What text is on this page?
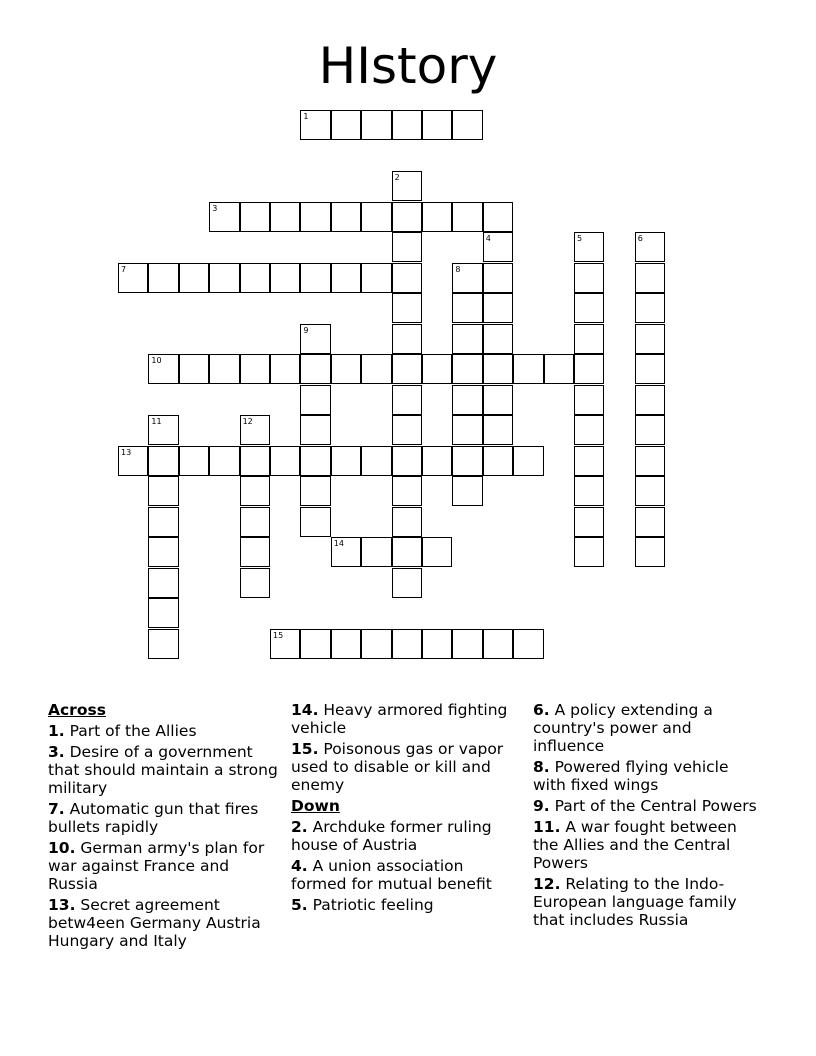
HIstory
1
2
3
4	5	6
7	8
9
10
11	12
13
14
15
Across
1. Part of the Allies
3. Desire of a government that should maintain a strong military
7. Automatic gun that fires bullets rapidly
10. German army's plan for war against France and Russia
13. Secret agreement betw4een Germany Austria Hungary and Italy
14. Heavy armored fighting vehicle
15. Poisonous gas or vapor used to disable or kill and enemy
Down
2. Archduke former ruling house of Austria
4. A union association formed for mutual benefit
5. Patriotic feeling
6. A policy extending a country's power and influence
8. Powered flying vehicle with fixed wings
9. Part of the Central Powers
11. A war fought between the Allies and the Central Powers
12. Relating to the Indo-European language family that includes Russia
